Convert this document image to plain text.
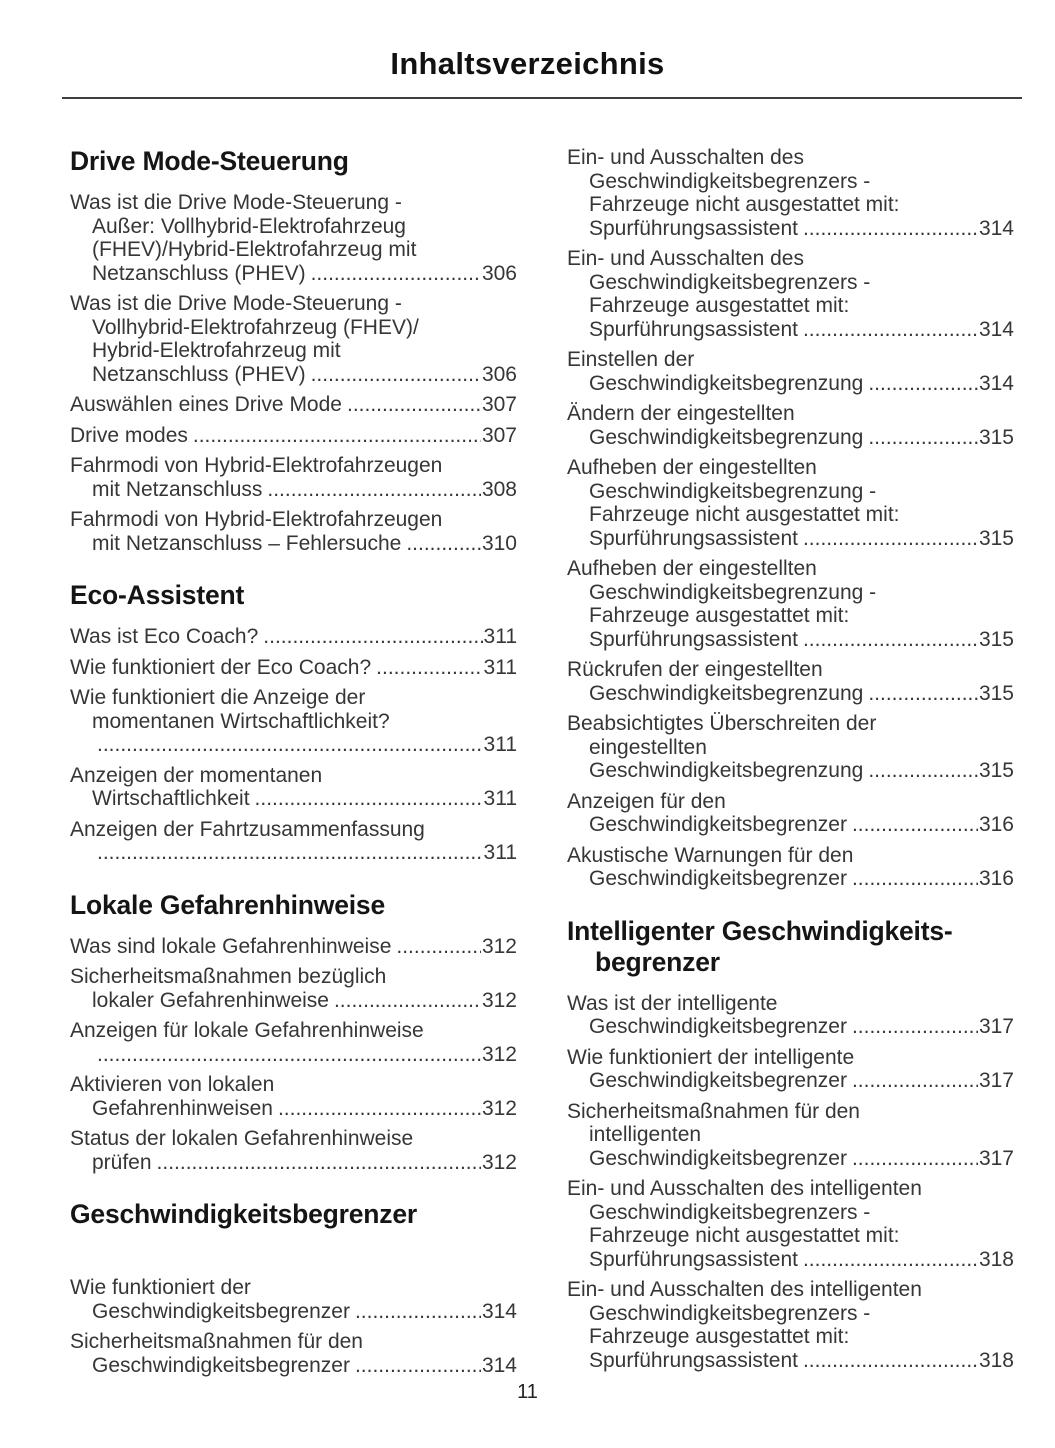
Inhaltsverzeichnis
Drive Mode-Steuerung
Was ist die Drive Mode-Steuerung -
Außer: Vollhybrid-Elektrofahrzeug
(FHEV)/Hybrid-Elektrofahrzeug mit
Netzanschluss (PHEV) .....	306
Was ist die Drive Mode-Steuerung -
Vollhybrid-Elektrofahrzeug (FHEV)/
Hybrid-Elektrofahrzeug mit
Netzanschluss (PHEV) .....	306
Auswählen eines Drive Mode .....	307
Drive modes .....	307
Fahrmodi von Hybrid-Elektrofahrzeugen
mit Netzanschluss .....	308
Fahrmodi von Hybrid-Elektrofahrzeugen
mit Netzanschluss – Fehlersuche .....	310
Eco-Assistent
Was ist Eco Coach? .....	311
Wie funktioniert der Eco Coach? .....	311
Wie funktioniert die Anzeige der
momentanen Wirtschaftlichkeit?
.....
311
Anzeigen der momentanen
Wirtschaftlichkeit .....	311
Anzeigen der Fahrtzusammenfassung
.....
311
Lokale Gefahrenhinweise
Was sind lokale Gefahrenhinweise .....	312
Sicherheitsmaßnahmen bezüglich
lokaler Gefahrenhinweise .....	312
Anzeigen für lokale Gefahrenhinweise
.....
312
Aktivieren von lokalen
Gefahrenhinweisen .....	312
Status der lokalen Gefahrenhinweise
prüfen .....	312
Geschwindigkeitsbegrenzer
Wie funktioniert der
Geschwindigkeitsbegrenzer .....	314
Sicherheitsmaßnahmen für den
Geschwindigkeitsbegrenzer .....	314
Ein- und Ausschalten des
Geschwindigkeitsbegrenzers -
Fahrzeuge nicht ausgestattet mit:
Spurführungsassistent .....	314
Ein- und Ausschalten des
Geschwindigkeitsbegrenzers -
Fahrzeuge ausgestattet mit:
Spurführungsassistent .....	314
Einstellen der
Geschwindigkeitsbegrenzung .....	314
Ändern der eingestellten
Geschwindigkeitsbegrenzung .....	315
Aufheben der eingestellten
Geschwindigkeitsbegrenzung -
Fahrzeuge nicht ausgestattet mit:
Spurführungsassistent .....	315
Aufheben der eingestellten
Geschwindigkeitsbegrenzung -
Fahrzeuge ausgestattet mit:
Spurführungsassistent .....	315
Rückrufen der eingestellten
Geschwindigkeitsbegrenzung .....	315
Beabsichtigtes Überschreiten der
eingestellten
Geschwindigkeitsbegrenzung .....	315
Anzeigen für den
Geschwindigkeitsbegrenzer .....	316
Akustische Warnungen für den
Geschwindigkeitsbegrenzer .....	316
Intelligenter Geschwindigkeits-
begrenzer
Was ist der intelligente
Geschwindigkeitsbegrenzer .....	317
Wie funktioniert der intelligente
Geschwindigkeitsbegrenzer .....	317
Sicherheitsmaßnahmen für den
intelligenten
Geschwindigkeitsbegrenzer .....	317
Ein- und Ausschalten des intelligenten
Geschwindigkeitsbegrenzers -
Fahrzeuge nicht ausgestattet mit:
Spurführungsassistent .....	318
Ein- und Ausschalten des intelligenten
Geschwindigkeitsbegrenzers -
Fahrzeuge ausgestattet mit:
Spurführungsassistent .....	318
11
